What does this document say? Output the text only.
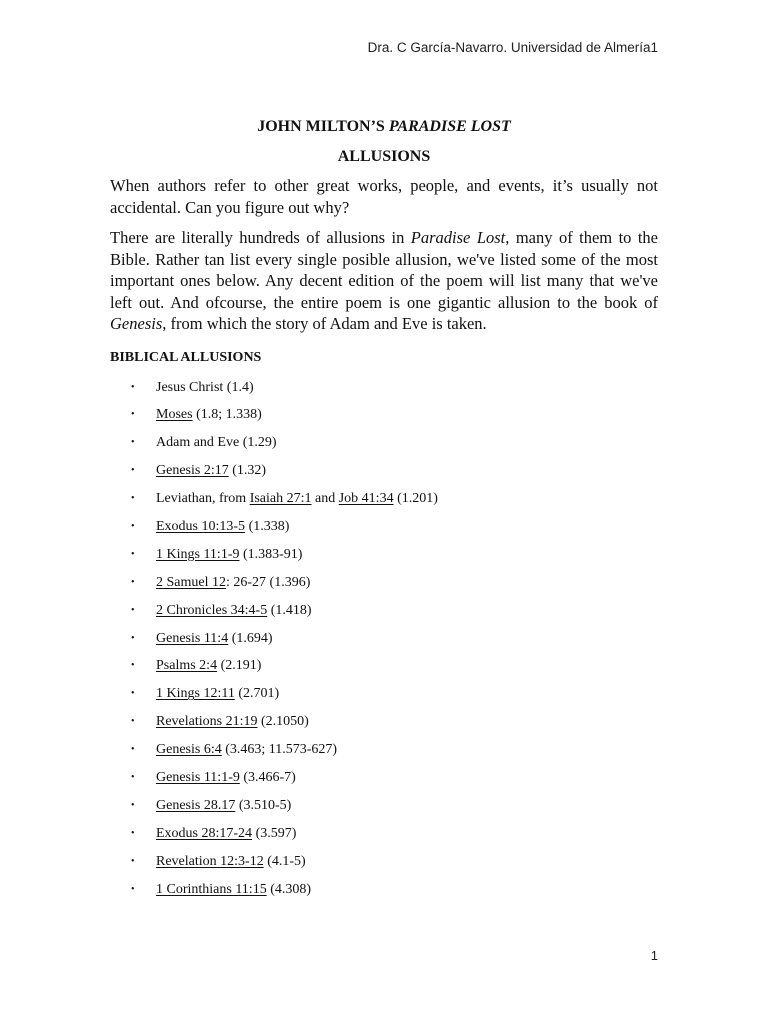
Dra. C García-Navarro. Universidad de Almería1

JOHN MILTON’S PARADISE LOST

ALLUSIONS

When authors refer to other great works, people, and events, it’s usually not accidental. Can you figure out why?

There are literally hundreds of allusions in Paradise Lost, many of them to the Bible. Rather tan list every single posible allusion, we've listed some of the most important ones below. Any decent edition of the poem will list many that we've left out. And ofcourse, the entire poem is one gigantic allusion to the book of Genesis, from which the story of Adam and Eve is taken.

BIBLICAL ALLUSIONS

• Jesus Christ (1.4)
• Moses (1.8; 1.338)
• Adam and Eve (1.29)
• Genesis 2:17 (1.32)
• Leviathan, from Isaiah 27:1 and Job 41:34 (1.201)
• Exodus 10:13-5 (1.338)
• 1 Kings 11:1-9 (1.383-91)
• 2 Samuel 12: 26-27 (1.396)
• 2 Chronicles 34:4-5 (1.418)
• Genesis 11:4 (1.694)
• Psalms 2:4 (2.191)
• 1 Kings 12:11 (2.701)
• Revelations 21:19 (2.1050)
• Genesis 6:4 (3.463; 11.573-627)
• Genesis 11:1-9 (3.466-7)
• Genesis 28.17 (3.510-5)
• Exodus 28:17-24 (3.597)
• Revelation 12:3-12 (4.1-5)
• 1 Corinthians 11:15 (4.308)
1
